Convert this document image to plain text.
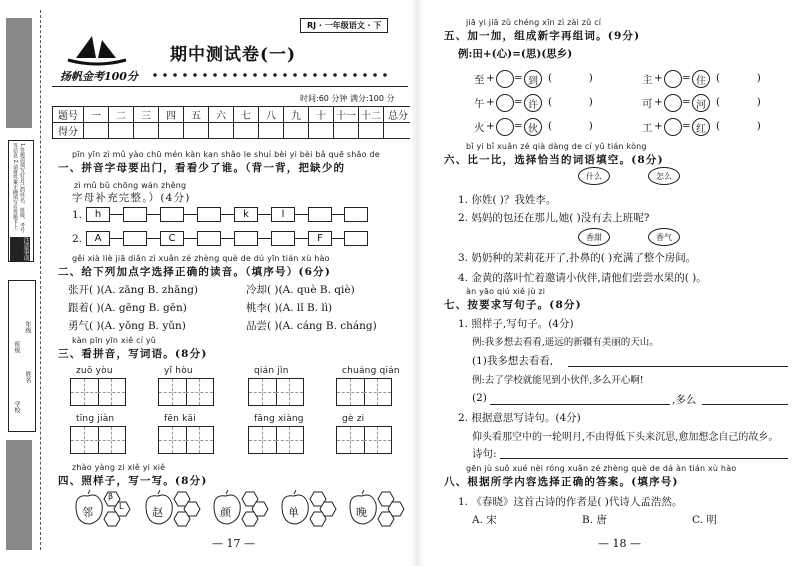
注意事项
1.答题前填写好自己的姓名、班级、考号等信息 2.请将答案正确填写在答题卡上
年级
姓名
学校
班级
扬帆金考100分
RJ · 一年级语文 · 下
期中测试卷(一)
时间:60 分钟 满分:100 分
题号	一	二	三	四	五	六	七	八	九	十	十一	十二	总分
得分													
pīn yīn zì mǔ yào chū mén kàn kan shǎo le shuí bèi yi bèi bǎ quē shǎo de
一、拼音字母要出门，看看少了谁。（背一背，把缺少的
zì mǔ bǔ chōng wán zhěng
字母补充完整。）(4分)
1.	h	k	l
2.	A	C	F
gěi xià liè jiā diǎn zì xuǎn zé zhèng què de dú yīn tián xù hào
二、给下列加点字选择正确的读音。（填序号）(6分)
张开( )(A. zāng B. zhāng)	冷却( )(A. què B. qiè)
跟着( )(A. gēng B. gēn)	桃李( )(A. lǐ B. lì)
勇气( )(A. yǒng B. yǔn)	品尝( )(A. cáng B. cháng)
kàn pīn yīn xiě cí yǔ
三、看拼音，写词语。(8分)
zuǒ yòu	yǐ hòu	qián jìn	chuáng qián
tīng jiàn	fēn kāi	fāng xiàng	gè zi
zhào yàng zi xiě yi xiě
四、照样子，写一写。(8分)
邻
β
L	赵	颜	单	晚
— 17 —
jiā yi jiā zǔ chéng xīn zì zài zǔ cí
五、加一加，组成新字再组词。(9分)
例:田+(心)=(思)(思乡)
至 + = 到 (           )	主 + = 住 (           )
午 + = 许 (           )	可 + = 河 (           )
火 + = 伙 (           )	工 + = 红 (           )
bǐ yi bǐ xuǎn zé qià dàng de cí yǔ tián kòng
六、比一比，选择恰当的词语填空。(8分)
什么	怎么
1. 你姓( )？我姓李。
2. 妈妈的包还在那儿,她( )没有去上班呢?
香甜	香气
3. 奶奶种的茉莉花开了,扑鼻的( )充满了整个房间。
4. 金黄的落叶忙着邀请小伙伴,请他们尝尝水果的( )。
àn yāo qiú xiě jù zi
七、按要求写句子。(8分)
1. 照样子,写句子。(4分)
例:我多想去看看,遥远的新疆有美丽的天山。
(1)我多想去看看,
例:去了学校就能见到小伙伴,多么开心啊!
(2)	,多么
2. 根据意思写诗句。(4分)
仰头看那空中的一轮明月,不由得低下头来沉思,愈加想念自己的故乡。
诗句:
gēn jù suǒ xué nèi róng xuǎn zé zhèng què de dá àn tián xù hào
八、根据所学内容选择正确的答案。(填序号)
1. 《春晓》这首古诗的作者是( )代诗人孟浩然。
A. 宋	B. 唐	C. 明
— 18 —
